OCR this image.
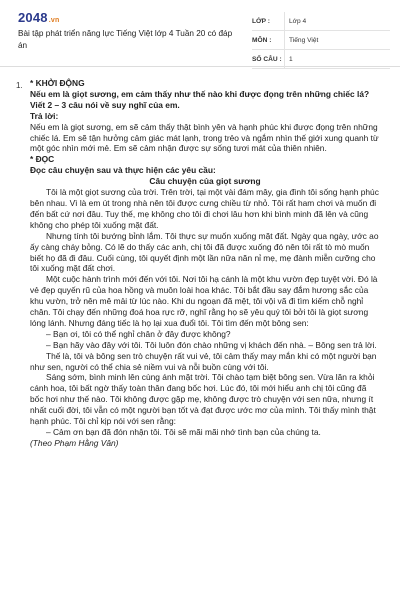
2048.vn
Bài tập phát triển năng lực Tiếng Việt lớp 4 Tuần 20 có đáp án
LỚP :	Lớp 4
MÔN :	Tiếng Việt
SỐ CÂU :	1
1. * KHỞI ĐỘNG

Nếu em là giọt sương, em cảm thấy như thế nào khi được đọng trên những chiếc lá? Viết 2 – 3 câu nói về suy nghĩ của em.

Trả lời:

Nếu em là giọt sương, em sẽ cảm thấy thật bình yên và hạnh phúc khi được đọng trên những chiếc lá. Em sẽ tận hưởng cảm giác mát lạnh, trong trẻo và ngắm nhìn thế giới xung quanh từ một góc nhìn mới mẻ. Em sẽ cảm nhận được sự sống tươi mát của thiên nhiên.

* ĐỌC

Đọc câu chuyện sau và thực hiện các yêu cầu:

Câu chuyện của giọt sương

Tôi là một giọt sương của trời. Trên trời, tại một vài đám mây, gia đình tôi sống hạnh phúc bên nhau. Vì là em út trong nhà nên tôi được cưng chiều từ nhỏ. Tôi rất ham chơi và muốn đi đến bất cứ nơi đâu. Tuy thế, mẹ không cho tôi đi chơi lâu hơn khi bình minh đã lên và cũng không cho phép tôi xuống mặt đất.

Nhưng tính tôi bướng bỉnh lắm. Tôi thực sự muốn xuống mặt đất. Ngày qua ngày, ước ao ấy càng cháy bỏng. Có lẽ do thấy các anh, chị tôi đã được xuống đó nên tôi rất tò mò muốn biết họ đã đi đâu. Cuối cùng, tôi quyết định một lần nữa năn nỉ mẹ, mẹ đành miễn cưỡng cho tôi xuống mặt đất chơi.

Một cuộc hành trình mới đến với tôi. Nơi tôi hạ cánh là một khu vườn đẹp tuyệt vời. Đó là vẻ đẹp quyến rũ của hoa hồng và muôn loài hoa khác. Tôi bắt đầu say đắm hương sắc của khu vườn, trở nên mê mải từ lúc nào. Khi du ngoạn đã mệt, tôi vội vã đi tìm kiếm chỗ nghỉ chân. Tôi chạy đến những đoá hoa rực rỡ, nghĩ rằng họ sẽ yêu quý tôi bởi tôi là giọt sương lóng lánh. Nhưng đáng tiếc là họ lại xua đuổi tôi. Tôi tìm đến một bông sen:

– Bạn ơi, tôi có thể nghỉ chân ở đây được không?

– Bạn hãy vào đây với tôi. Tôi luôn đón chào những vị khách đến nhà. – Bông sen trả lời.

Thế là, tôi và bông sen trò chuyện rất vui vẻ, tôi cảm thấy may mắn khi có một người bạn như sen, người có thể chia sẻ niềm vui và nỗi buồn cùng với tôi.

Sáng sớm, bình minh lên cùng ánh mặt trời. Tôi chào tạm biệt bông sen. Vừa lăn ra khỏi cánh hoa, tôi bất ngờ thấy toàn thân đang bốc hơi. Lúc đó, tôi mới hiểu anh chị tôi cũng đã bốc hơi như thế nào. Tôi không được gặp mẹ, không được trò chuyện với sen nữa, nhưng ít nhất cuối đời, tôi vẫn có một người bạn tốt và đạt được ước mơ của mình. Tôi thấy mình thật hạnh phúc. Tôi chỉ kịp nói với sen rằng:

– Cảm ơn bạn đã đón nhận tôi. Tôi sẽ mãi mãi nhớ tình bạn của chúng ta.

(Theo Phạm Hằng Vân)
